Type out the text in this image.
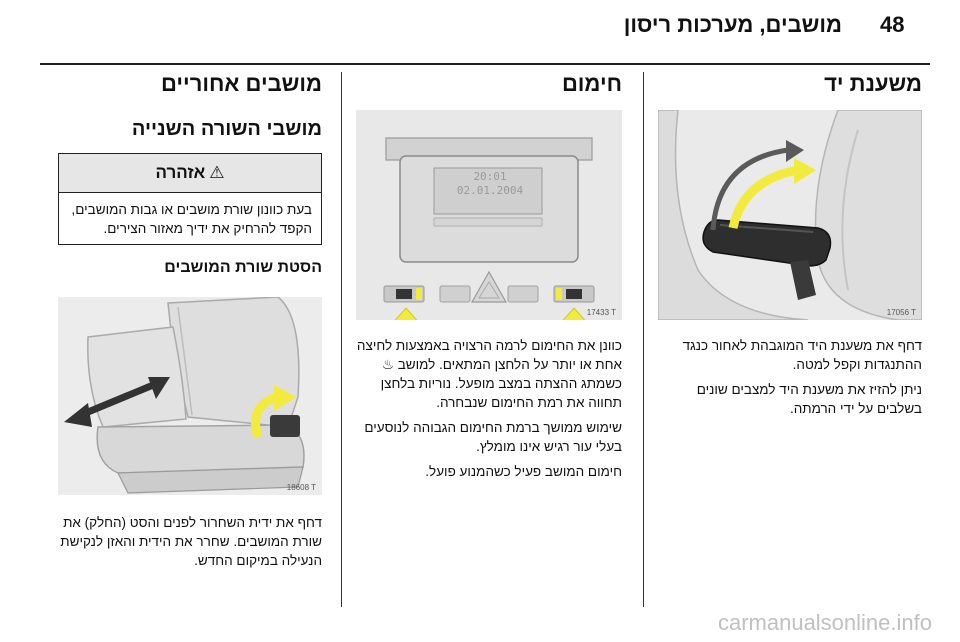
48
מושבים, מערכות ריסון
משענת יד
17056 T

דחף את משענת היד המוגבהת לאחור כנגד ההתנגדות וקפל למטה.

ניתן להזיז את משענת היד למצבים שונים בשלבים על ידי הרמתה.

חימום
20:01
02.01.2004
17433 T

כוונן את החימום לרמה הרצויה באמצעות לחיצה אחת או יותר על הלחצן המתאים. למושב ♨ כשמתג ההצתה במצב מופעל. נוריות בלחצן תחווה את רמת החימום שנבחרה.

שימוש ממושך ברמת החימום הגבוהה לנוסעים בעלי עור רגיש אינו מומלץ.

חימום המושב פעיל כשהמנוע פועל.

מושבים אחוריים
מושבי השורה השנייה
⚠
אזהרה
בעת כוונון שורת מושבים או גבות המושבים, הקפד להרחיק את ידיך מאזור הצירים.
הסטת שורת המושבים
18608 T

דחף את ידית השחרור לפנים והסט (החלק) את שורת המושבים. שחרר את הידית והאזן לנקישת הנעילה במיקום החדש.

carmanualsonline.info
